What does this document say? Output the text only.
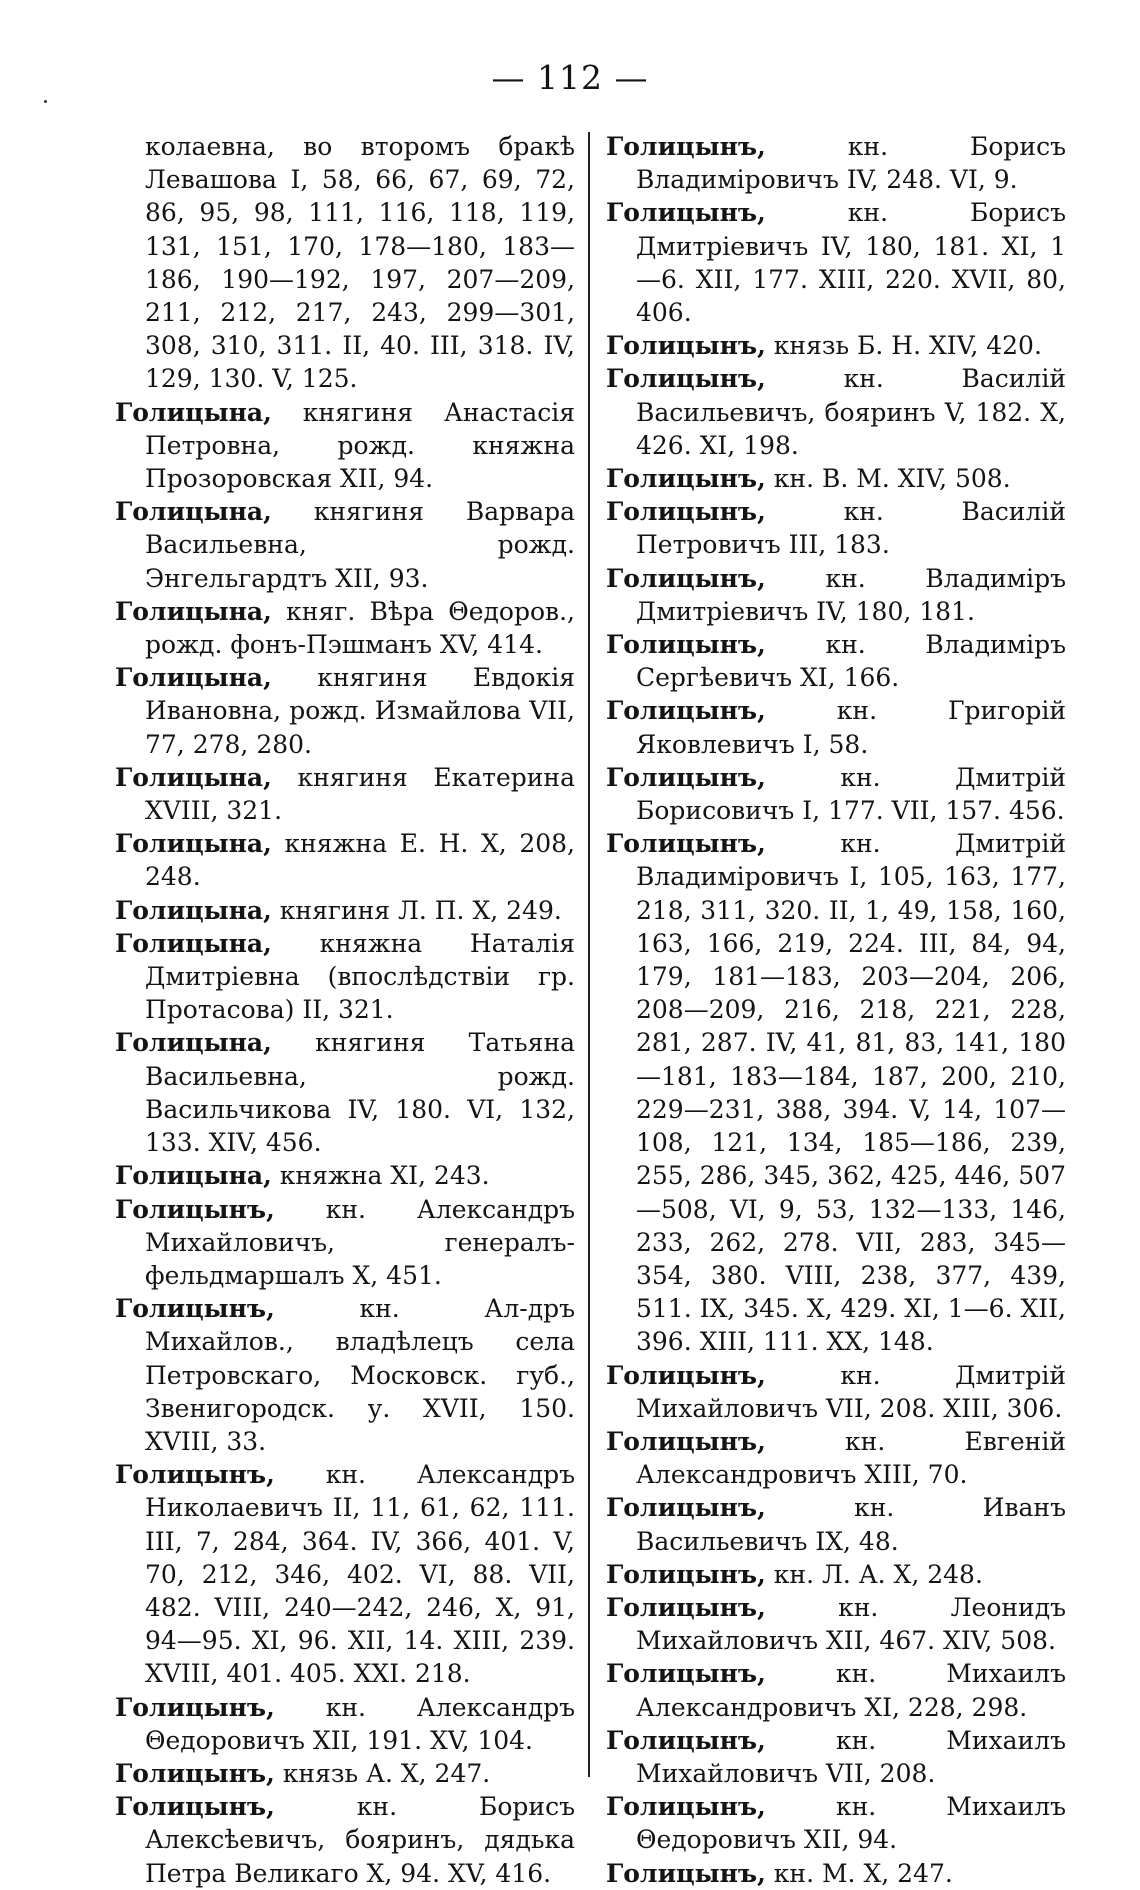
— 112 —

колаевна, во второмъ бракѣ Левашова I, 58, 66, 67, 69, 72, 86, 95, 98, 111, 116, 118, 119, 131, 151, 170, 178—180, 183—186, 190—192, 197, 207—209, 211, 212, 217, 243, 299—301, 308, 310, 311. II, 40. III, 318. IV, 129, 130. V, 125.

Голицына, княгиня Анастасія Петровна, рожд. княжна Прозоровская XII, 94.

Голицына, княгиня Варвара Васильевна, рожд. Энгельгардтъ XII, 93.

Голицына, княг. Вѣра Θедоров., рожд. фонъ-Пэшманъ XV, 414.

Голицына, княгиня Евдокія Ивановна, рожд. Измайлова VII, 77, 278, 280.

Голицына, княгиня Екатерина XVIII, 321.

Голицына, княжна Е. Н. X, 208, 248.

Голицына, княгиня Л. П. X, 249.

Голицына, княжна Наталія Дмитріевна (впослѣдствіи гр. Протасова) II, 321.

Голицына, княгиня Татьяна Васильевна, рожд. Васильчикова IV, 180. VI, 132, 133. XIV, 456.

Голицына, княжна XI, 243.

Голицынъ, кн. Александръ Михайловичъ, генералъ-фельдмаршалъ X, 451.

Голицынъ,	кн. Ал-дръ Михайлов., владѣлецъ села Петровскаго, Московск. губ., Звенигородск. у. XVII, 150. XVIII, 33.

Голицынъ, кн. Александръ Николаевичъ II, 11, 61, 62, 111. III, 7, 284, 364. IV, 366, 401. V, 70, 212, 346, 402. VI, 88. VII, 482. VIII, 240—242, 246, X, 91, 94—95. XI, 96. XII, 14. XIII, 239. XVIII, 401. 405. XXI. 218.

Голицынъ, кн. Александръ Θедоровичъ XII, 191. XV, 104.

Голицынъ, князь А. X, 247.

Голицынъ,	кн. Борисъ Алексѣевичъ, бояринъ, дядька Петра Великаго X, 94. XV, 416.

Голицынъ,	кн. Борисъ Владиміровичъ IV, 248. VI, 9.

Голицынъ,	кн. Борисъ Дмитріевичъ IV, 180, 181. XI, 1—6. XII, 177. XIII, 220. XVII, 80, 406.

Голицынъ, князь Б. Н. XIV, 420.

Голицынъ,	кн. Василій Васильевичъ, бояринъ V, 182. X, 426. XI, 198.

Голицынъ, кн. В. М. XIV, 508.

Голицынъ,	кн. Василій Петровичъ III, 183.

Голицынъ, кн. Владиміръ Дмитріевичъ IV, 180, 181.

Голицынъ, кн. Владиміръ Сергѣевичъ XI, 166.

Голицынъ,	кн. Григорій Яковлевичъ I, 58.

Голицынъ,	кн. Дмитрій Борисовичъ I, 177. VII, 157. 456.

Голицынъ,	кн. Дмитрій Владиміровичъ I, 105, 163, 177, 218, 311, 320. II, 1, 49, 158, 160, 163, 166, 219, 224. III, 84, 94, 179, 181—183, 203—204, 206, 208—209, 216, 218, 221, 228, 281, 287. IV, 41, 81, 83, 141, 180—181, 183—184, 187, 200, 210, 229—231, 388, 394. V, 14, 107—108, 121, 134, 185—186, 239, 255, 286, 345, 362, 425, 446, 507—508, VI, 9, 53, 132—133, 146, 233, 262, 278. VII, 283, 345—354, 380. VIII, 238, 377, 439, 511. IX, 345. X, 429. XI, 1—6. XII, 396. XIII, 111. XX, 148.

Голицынъ,	кн. Дмитрій Михайловичъ VII, 208. XIII, 306.

Голицынъ,	кн. Евгеній Александровичъ XIII, 70.

Голицынъ,	кн. Иванъ Васильевичъ IX, 48.

Голицынъ, кн. Л. А. X, 248.

Голицынъ,	кн. Леонидъ Михайловичъ XII, 467. XIV, 508.

Голицынъ,	кн. Михаилъ Александровичъ XI, 228, 298.

Голицынъ,	кн. Михаилъ Михайловичъ VII, 208.

Голицынъ,	кн. Михаилъ Θедоровичъ XII, 94.

Голицынъ, кн. М. X, 247.
